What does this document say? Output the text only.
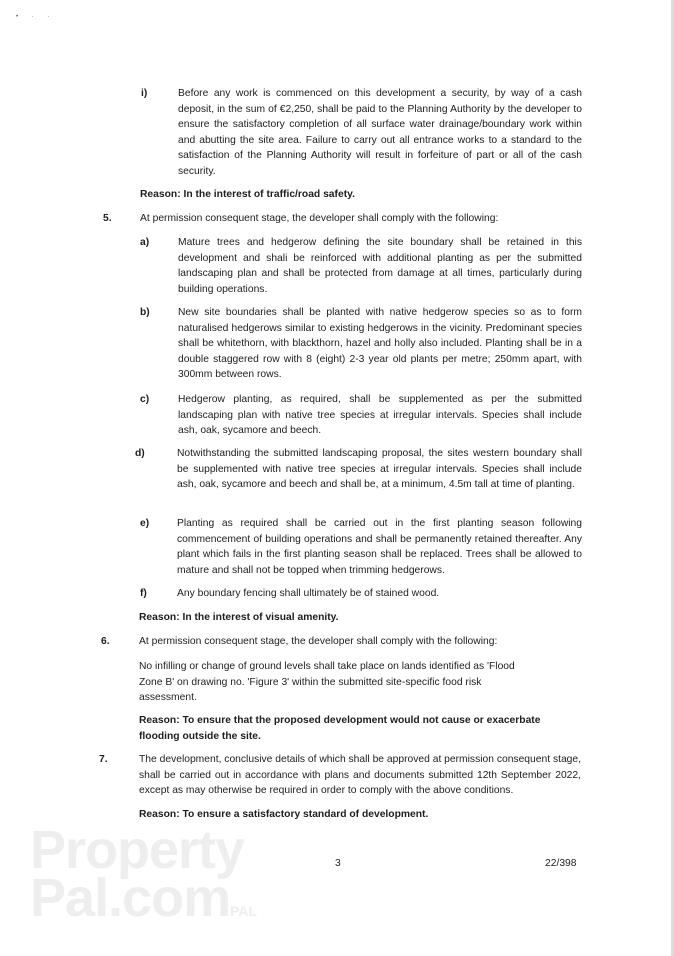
• · ·
i)	Before any work is commenced on this development a security, by way of a cash deposit, in the sum of €2,250, shall be paid to the Planning Authority by the developer to ensure the satisfactory completion of all surface water drainage/boundary work within and abutting the site area. Failure to carry out all entrance works to a standard to the satisfaction of the Planning Authority will result in forfeiture of part or all of the cash security.
Reason: In the interest of traffic/road safety.
5.	At permission consequent stage, the developer shall comply with the following:
a)	Mature trees and hedgerow defining the site boundary shall be retained in this development and shali be reinforced with additional planting as per the submitted landscaping plan and shall be protected from damage at all times, particularly during building operations.
b)	New site boundaries shall be planted with native hedgerow species so as to form naturalised hedgerows similar to existing hedgerows in the vicinity. Predominant species shall be whitethorn, with blackthorn, hazel and holly also included. Planting shall be in a double staggered row with 8 (eight) 2-3 year old plants per metre; 250mm apart, with 300mm between rows.
c)	Hedgerow planting, as required, shall be supplemented as per the submitted landscaping plan with native tree species at irregular intervals. Species shall include ash, oak, sycamore and beech.
d)	Notwithstanding the submitted landscaping proposal, the sites western boundary shall be supplemented with native tree species at irregular intervals. Species shall include ash, oak, sycamore and beech and shall be, at a minimum, 4.5m tall at time of planting.
e)	Planting as required shall be carried out in the first planting season following commencement of building operations and shall be permanently retained thereafter. Any plant which fails in the first planting season shall be replaced. Trees shall be allowed to mature and shall not be topped when trimming hedgerows.
f)	Any boundary fencing shall ultimately be of stained wood.
Reason: In the interest of visual amenity.
6.	At permission consequent stage, the developer shall comply with the following:
No infilling or change of ground levels shall take place on lands identified as 'Flood Zone B' on drawing no. 'Figure 3' within the submitted site-specific food risk assessment.
Reason: To ensure that the proposed development would not cause or exacerbate flooding outside the site.
7.	The development, conclusive details of which shall be approved at permission consequent stage, shall be carried out in accordance with plans and documents submitted 12th September 2022, except as may otherwise be required in order to comply with the above conditions.
Reason: To ensure a satisfactory standard of development.
3	22/398
Property
Pal.comPAL
